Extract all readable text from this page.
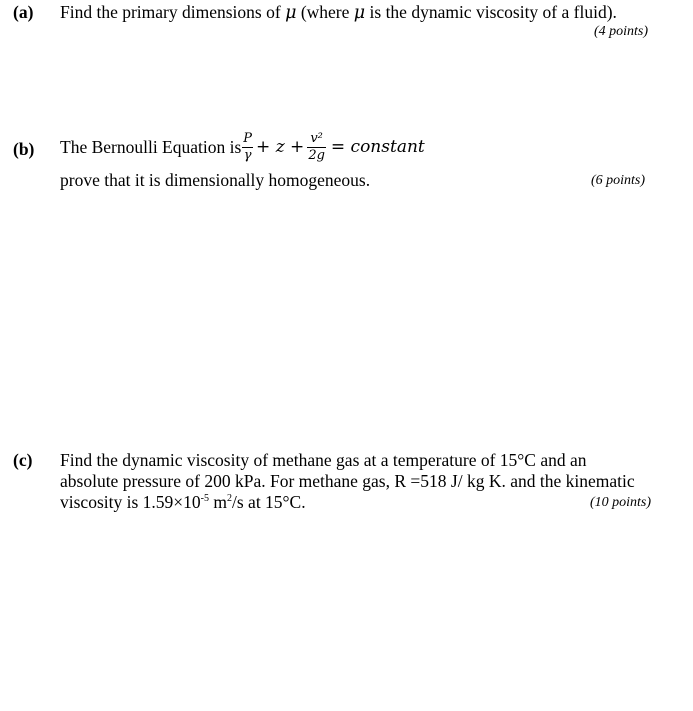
(a) Find the primary dimensions of μ (where μ is the dynamic viscosity of a fluid).
(4 points)
(b) The Bernoulli Equation is $\frac{P}{\gamma} + z + \frac{\text{v²}}{2g}$ = constant
prove that it is dimensionally homogeneous.	(6 points)
(c) Find the dynamic viscosity of methane gas at a temperature of 15°C and an
absolute pressure of 200 kPa. For methane gas, R =518 J/ kg K. and the kinematic
viscosity is $1.59\times 10^{-5}$ $m^2/s$ at 15°C.	(10 points)
